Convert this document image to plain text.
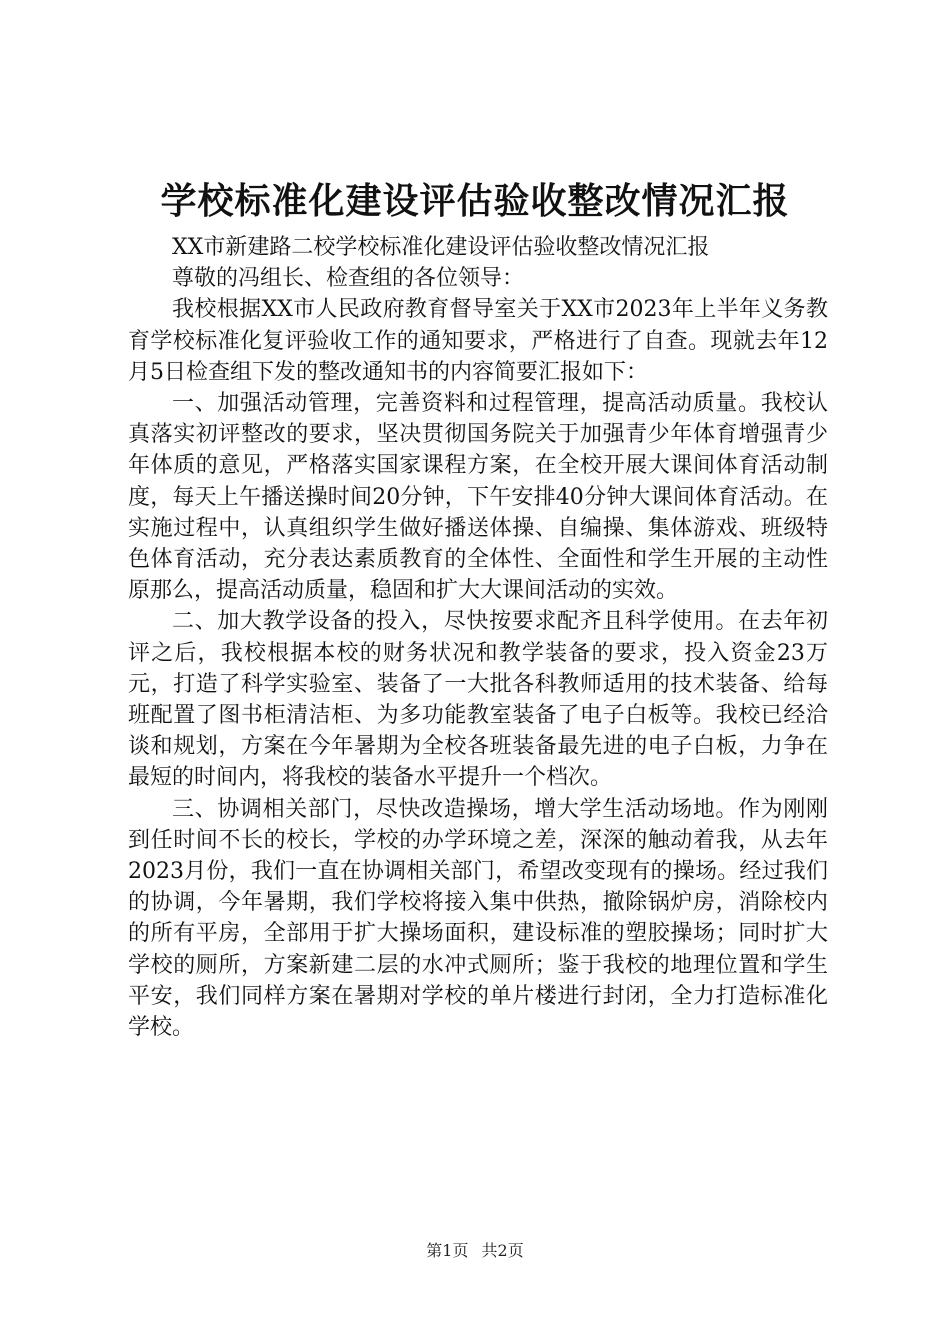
学校标准化建设评估验收整改情况汇报

XX市新建路二校学校标准化建设评估验收整改情况汇报

尊敬的冯组长、检查组的各位领导：

我校根据XX市人民政府教育督导室关于XX市2023年上半年义务教育学校标准化复评验收工作的通知要求，严格进行了自查。现就去年12月5日检查组下发的整改通知书的内容简要汇报如下：

一、加强活动管理，完善资料和过程管理，提高活动质量。我校认真落实初评整改的要求，坚决贯彻国务院关于加强青少年体育增强青少年体质的意见，严格落实国家课程方案，在全校开展大课间体育活动制度，每天上午播送操时间20分钟，下午安排40分钟大课间体育活动。在实施过程中，认真组织学生做好播送体操、自编操、集体游戏、班级特色体育活动，充分表达素质教育的全体性、全面性和学生开展的主动性原那么，提高活动质量，稳固和扩大大课间活动的实效。

二、加大教学设备的投入，尽快按要求配齐且科学使用。在去年初评之后，我校根据本校的财务状况和教学装备的要求，投入资金23万元，打造了科学实验室、装备了一大批各科教师适用的技术装备、给每班配置了图书柜清洁柜、为多功能教室装备了电子白板等。我校已经洽谈和规划，方案在今年暑期为全校各班装备最先进的电子白板，力争在最短的时间内，将我校的装备水平提升一个档次。

三、协调相关部门，尽快改造操场，增大学生活动场地。作为刚刚到任时间不长的校长，学校的办学环境之差，深深的触动着我，从去年2023月份，我们一直在协调相关部门，希望改变现有的操场。经过我们的协调，今年暑期，我们学校将接入集中供热，撤除锅炉房，消除校内的所有平房，全部用于扩大操场面积，建设标准的塑胶操场；同时扩大学校的厕所，方案新建二层的水冲式厕所；鉴于我校的地理位置和学生平安，我们同样方案在暑期对学校的单片楼进行封闭，全力打造标准化学校。

第1页 共2页
